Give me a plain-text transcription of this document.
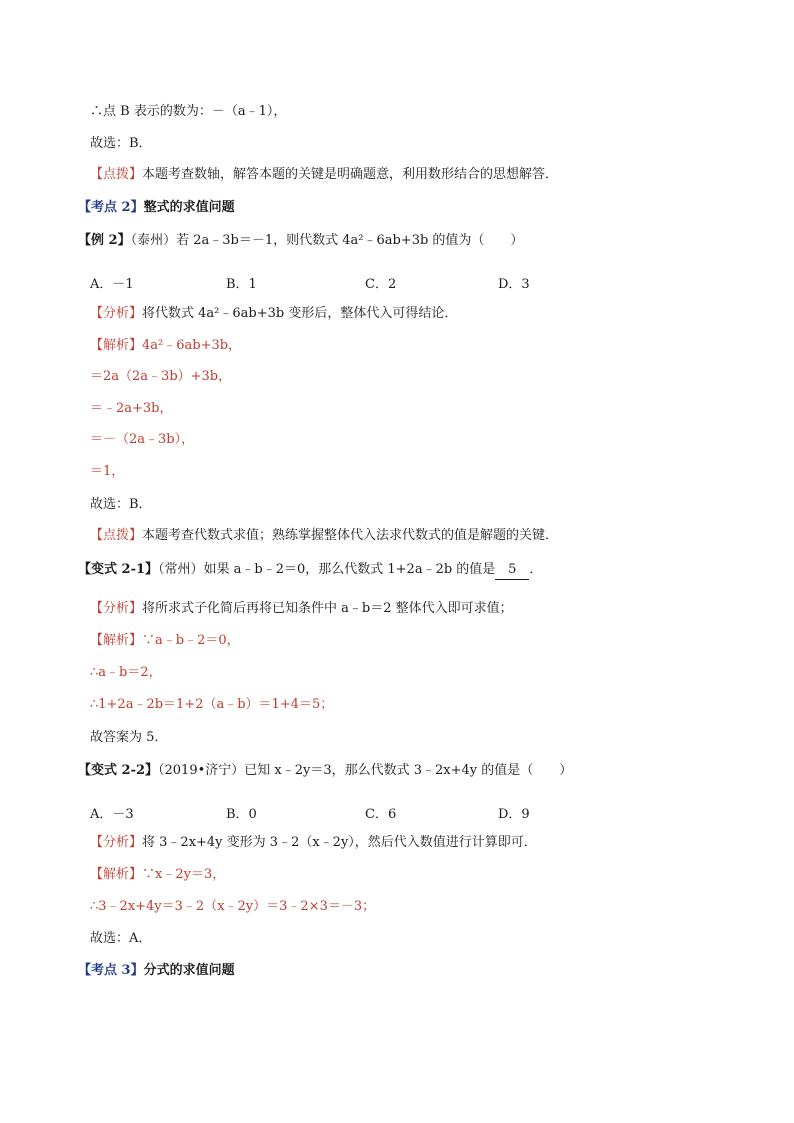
∴点 B 表示的数为：－（a﹣1），
故选：B．
【点拨】本题考查数轴，解答本题的关键是明确题意，利用数形结合的思想解答．
【考点 2】整式的求值问题
【例 2】（泰州）若 2a﹣3b＝－1，则代数式 4a²﹣6ab+3b 的值为（　　）
A．－1	B．1	C．2	D．3
【分析】将代数式 4a²﹣6ab+3b 变形后，整体代入可得结论．
【解析】4a²﹣6ab+3b，
＝2a（2a﹣3b）+3b，
＝﹣2a+3b，
＝－（2a﹣3b），
＝1，
故选：B．
【点拨】本题考查代数式求值；熟练掌握整体代入法求代数式的值是解题的关键．
【变式 2-1】（常州）如果 a﹣b﹣2＝0，那么代数式 1+2a﹣2b 的值是 5 ．
【分析】将所求式子化简后再将已知条件中 a﹣b＝2 整体代入即可求值；
【解析】∵a﹣b﹣2＝0，
∴a﹣b＝2，
∴1+2a﹣2b＝1+2（a﹣b）＝1+4＝5；
故答案为 5．
【变式 2-2】（2019•济宁）已知 x﹣2y＝3，那么代数式 3﹣2x+4y 的值是（　　）
A．－3	B．0	C．6	D．9
【分析】将 3﹣2x+4y 变形为 3﹣2（x﹣2y），然后代入数值进行计算即可．
【解析】∵x﹣2y＝3，
∴3﹣2x+4y＝3﹣2（x﹣2y）＝3﹣2×3＝－3；
故选：A．
【考点 3】分式的求值问题
